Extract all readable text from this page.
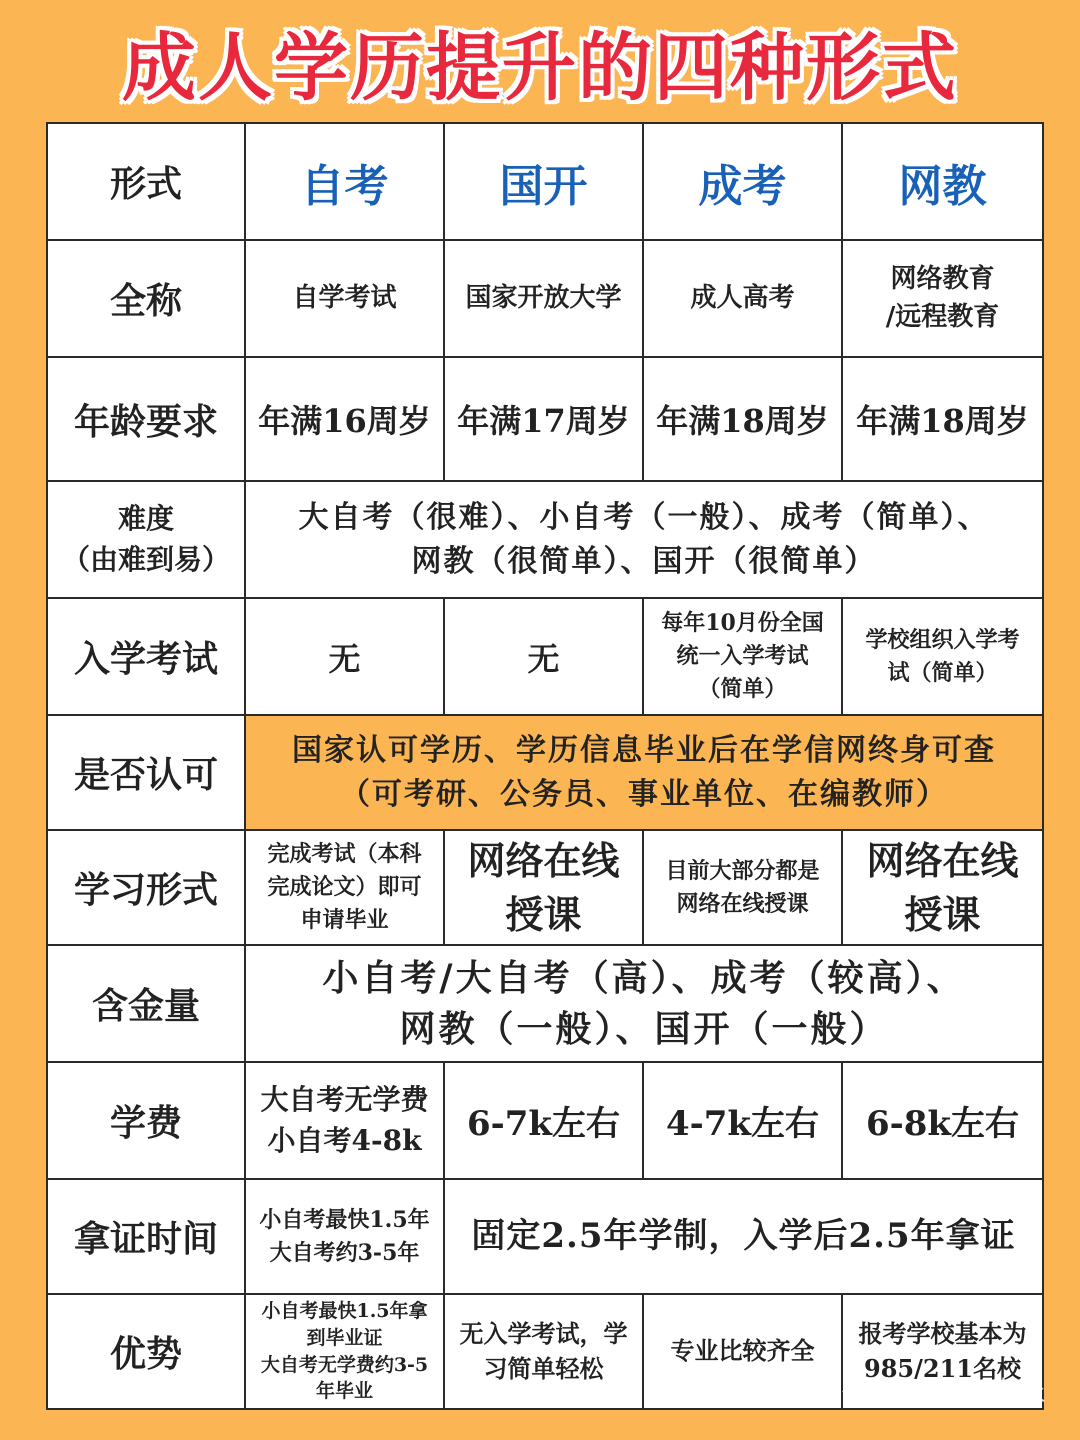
成人学历提升的四种形式
形式	自考	国开	成考	网教
全称	自学考试	国家开放大学	成人高考	网络教育
/远程教育

年龄要求	年满16周岁	年满17周岁	年满18周岁	年满18周岁

难度
（由难到易）	大自考（很难）、小自考（一般）、成考（简单）、
网教（很简单）、国开（很简单）			

入学考试	无	无	每年10月份全国
统一入学考试
（简单）	学校组织入学考
试（简单）

是否认可	国家认可学历、学历信息毕业后在学信网终身可查
（可考研、公务员、事业单位、在编教师）			

学习形式	完成考试（本科
完成论文）即可
申请毕业	网络在线
授课	目前大部分都是
网络在线授课	网络在线
授课

含金量	小自考/大自考（高）、成考（较高）、
网教（一般）、国开（一般）			

学费	大自考无学费
小自考4-8k	6-7k左右	4-7k左右	6-8k左右
拿证时间	小自考最快1.5年
大自考约3-5年	固定2.5年学制，入学后2.5年拿证		
优势	小自考最快1.5年拿
到毕业证
大自考无学费约3-5
年毕业	无入学考试，学
习简单轻松	专业比较齐全	报考学校基本为
985/211名校
知乎 @自考皮卡丘
